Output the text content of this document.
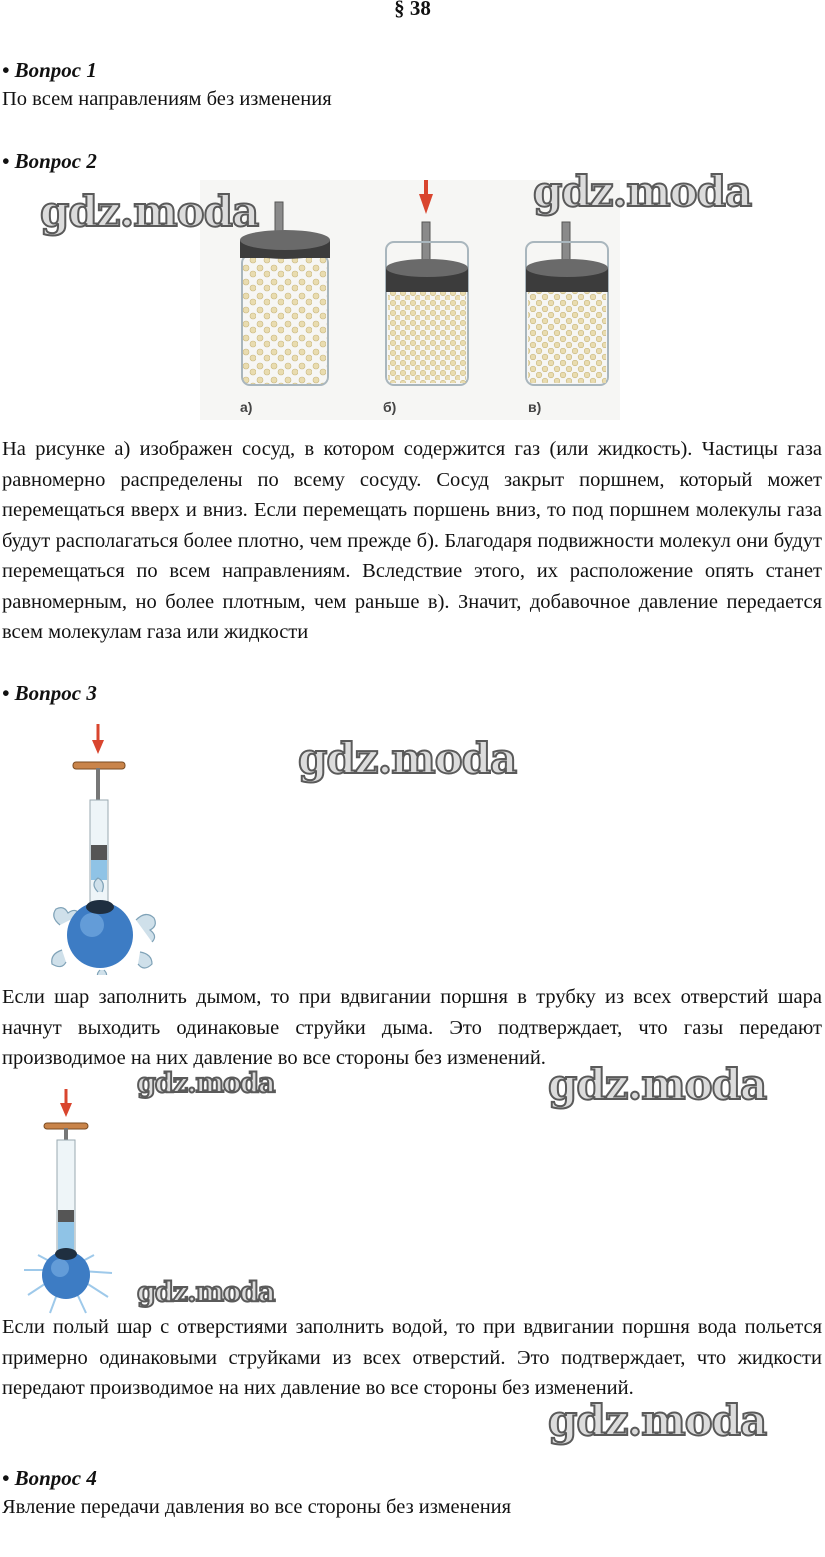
§ 38
• Вопрос 1
По всем направлениям без изменения
• Вопрос 2
а)	б)	в)
На рисунке а) изображен сосуд, в котором содержится газ (или жидкость). Частицы газа равномерно распределены по всему сосуду. Сосуд закрыт поршнем, который может перемещаться вверх и вниз. Если перемещать поршень вниз, то под поршнем молекулы газа будут располагаться более плотно, чем прежде б). Благодаря подвижности молекул они будут перемещаться по всем направлениям. Вследствие этого, их расположение опять станет равномерным, но более плотным, чем раньше в). Значит, добавочное давление передается всем молекулам газа или жидкости
• Вопрос 3
Если шар заполнить дымом, то при вдвигании поршня в трубку из всех отверстий шара начнут выходить одинаковые струйки дыма. Это подтверждает, что газы передают производимое на них давление во все стороны без изменений.
Если полый шар с отверстиями заполнить водой, то при вдвигании поршня вода польется примерно одинаковыми струйками из всех отверстий. Это подтверждает, что жидкости передают производимое на них давление во все стороны без изменений.
• Вопрос 4
Явление передачи давления во все стороны без изменения
gdz.moda	gdz.moda
gdz.moda
gdz.moda	gdz.moda
gdz.moda
gdz.moda
